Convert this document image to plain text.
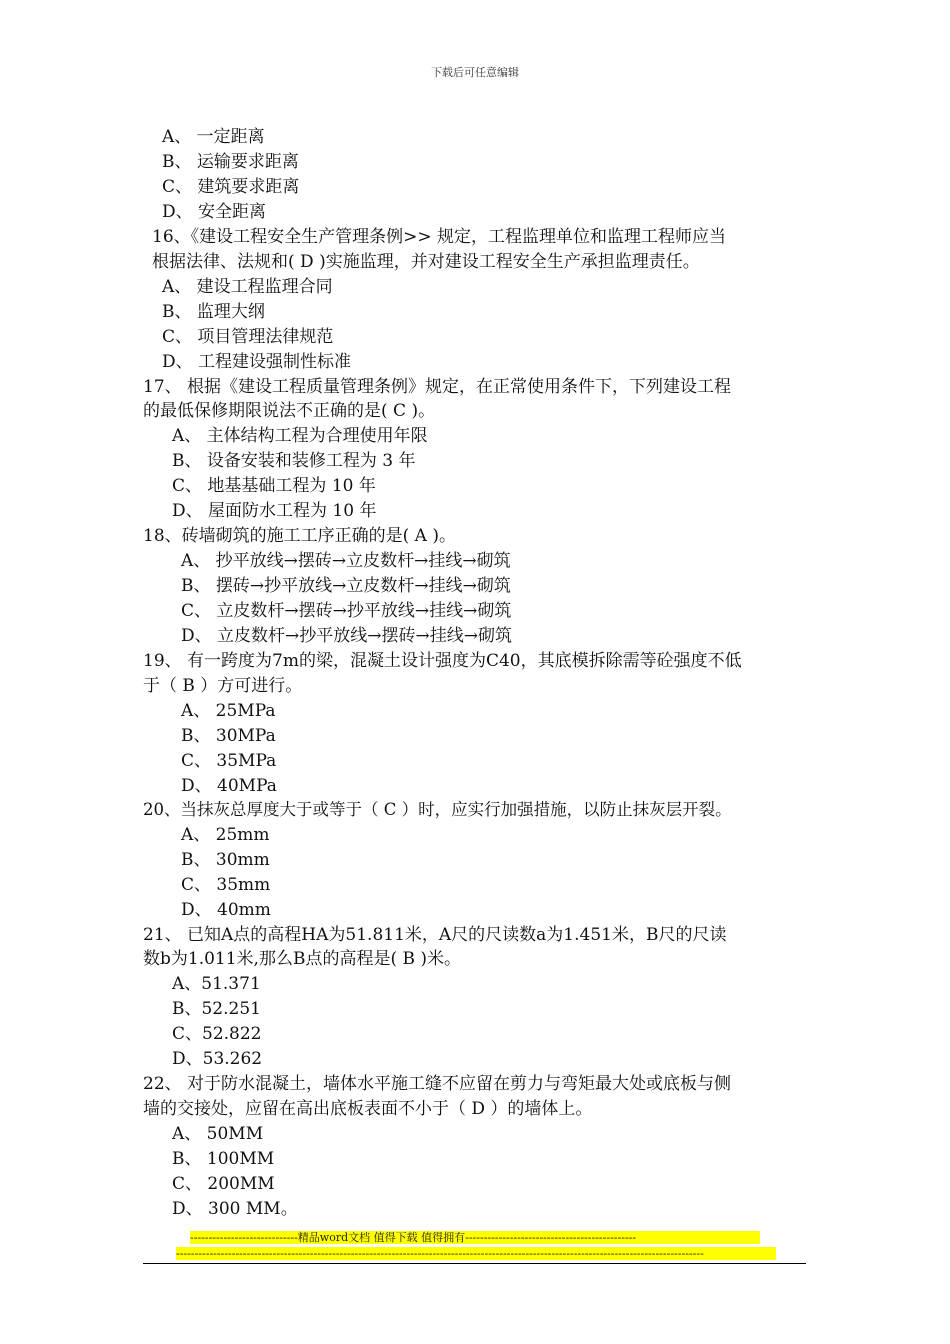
下载后可任意编辑
A、 一定距离
B、 运输要求距离
C、 建筑要求距离
D、 安全距离
16、《建设工程安全生产管理条例>> 规定，工程监理单位和监理工程师应当
根据法律、法规和( D )实施监理，并对建设工程安全生产承担监理责任。
A、 建设工程监理合同
B、 监理大纲
C、 项目管理法律规范
D、 工程建设强制性标准
17、 根据《建设工程质量管理条例》规定，在正常使用条件下，下列建设工程
的最低保修期限说法不正确的是( C )。
A、 主体结构工程为合理使用年限
B、 设备安装和装修工程为 3 年
C、 地基基础工程为 10 年
D、 屋面防水工程为 10 年
18、砖墙砌筑的施工工序正确的是( A )。
A、 抄平放线→摆砖→立皮数杆→挂线→砌筑
B、 摆砖→抄平放线→立皮数杆→挂线→砌筑
C、 立皮数杆→摆砖→抄平放线→挂线→砌筑
D、 立皮数杆→抄平放线→摆砖→挂线→砌筑
19、 有一跨度为7m的梁，混凝土设计强度为C40，其底模拆除需等砼强度不低
于（ B ）方可进行。
A、 25MPa
B、 30MPa
C、 35MPa
D、 40MPa
20、当抹灰总厚度大于或等于（ C ）时，应实行加强措施，以防止抹灰层开裂。
A、 25mm
B、 30mm
C、 35mm
D、 40mm
21、 已知A点的高程HA为51.811米，A尺的尺读数a为1.451米，B尺的尺读
数b为1.011米,那么B点的高程是( B )米。
A、51.371
B、52.251
C、52.822
D、53.262
22、 对于防水混凝土，墙体水平施工缝不应留在剪力与弯矩最大处或底板与侧
墙的交接处，应留在高出底板表面不小于（ D ）的墙体上。
A、 50MM
B、 100MM
C、 200MM
D、 300 MM。
-----------------------------精品word文档 值得下载 值得拥有----------------------------------------------
----------------------------------------------------------------------------------------------------------------------------------------------
